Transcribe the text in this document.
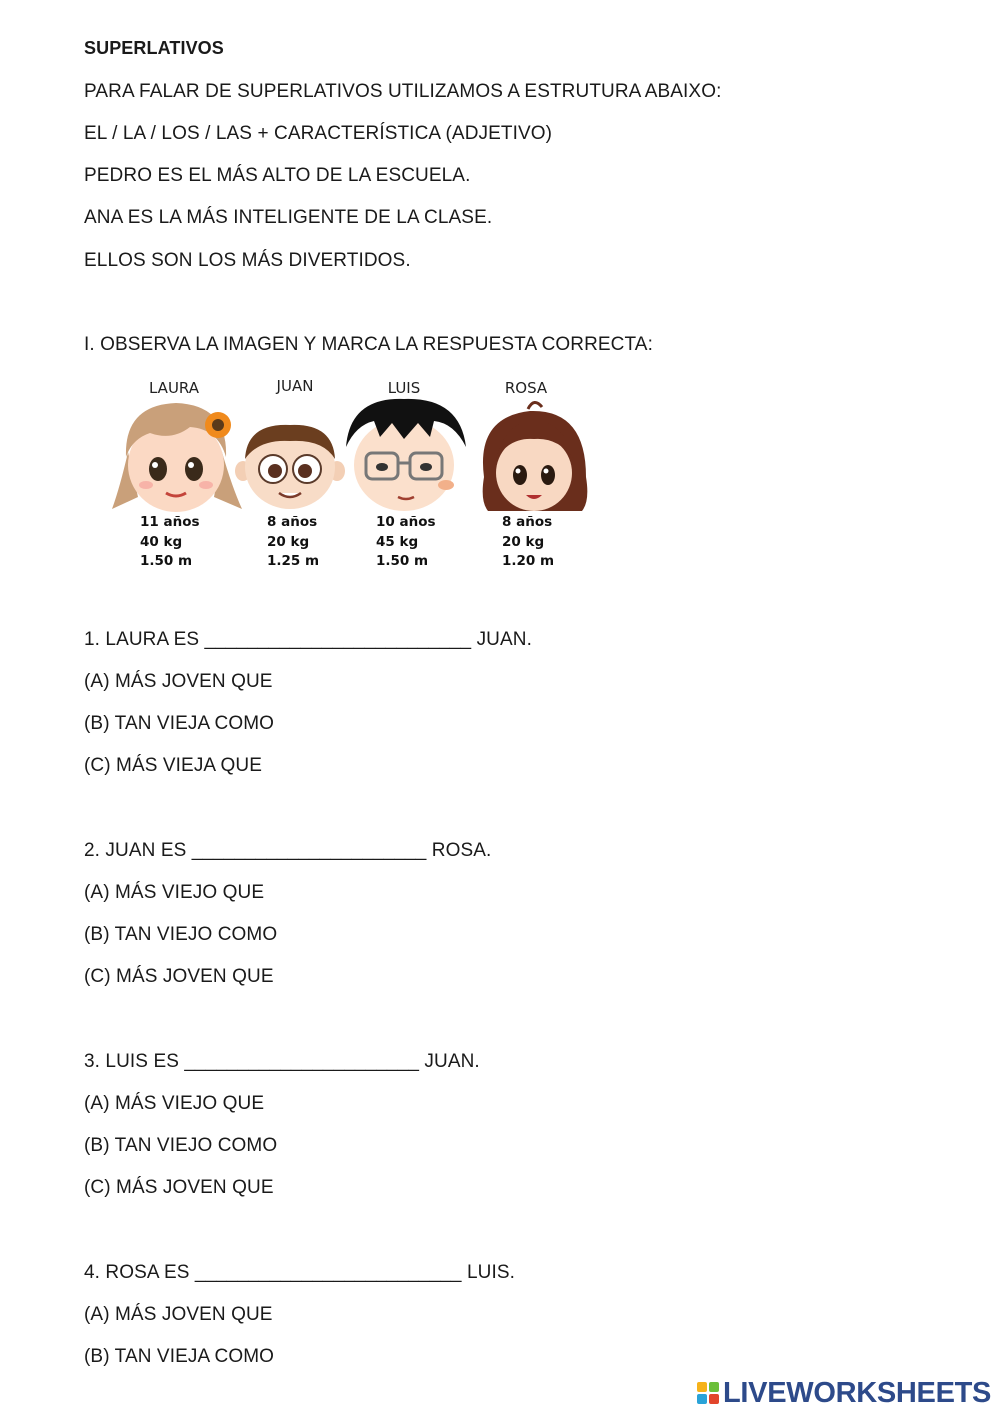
SUPERLATIVOS
PARA FALAR DE SUPERLATIVOS UTILIZAMOS A ESTRUTURA ABAIXO:
EL / LA / LOS / LAS + CARACTERÍSTICA (ADJETIVO)
PEDRO ES EL MÁS ALTO DE LA ESCUELA.
ANA ES LA MÁS INTELIGENTE DE LA CLASE.
ELLOS SON LOS MÁS DIVERTIDOS.
I. OBSERVA LA IMAGEN Y MARCA LA RESPUESTA CORRECTA:
LAURA
11 años
40 kg
1.50 m
JUAN
8 años
20 kg
1.25 m
LUIS
10 años
45 kg
1.50 m
ROSA
8 años
20 kg
1.20 m
1. LAURA ES _________________________ JUAN.
(A) MÁS JOVEN QUE
(B) TAN VIEJA COMO
(C) MÁS VIEJA QUE
2. JUAN ES ______________________ ROSA.
(A) MÁS VIEJO QUE
(B) TAN VIEJO COMO
(C) MÁS JOVEN QUE
3. LUIS ES ______________________ JUAN.
(A) MÁS VIEJO QUE
(B) TAN VIEJO COMO
(C) MÁS JOVEN QUE
4. ROSA ES _________________________ LUIS.
(A) MÁS JOVEN QUE
(B) TAN VIEJA COMO
LIVEWORKSHEETS
